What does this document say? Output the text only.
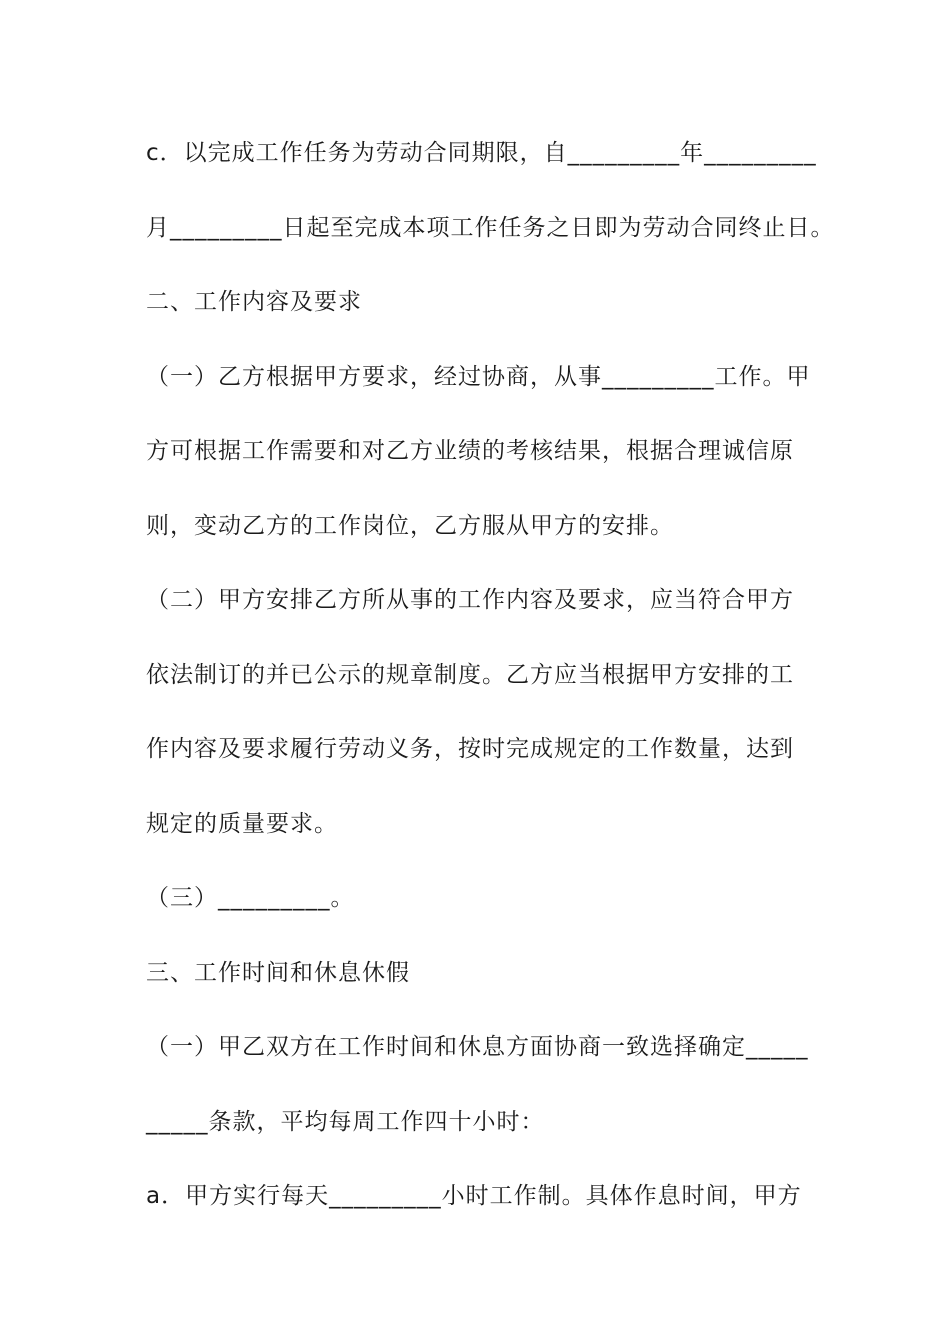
c．以完成工作任务为劳动合同期限，自_________年_________

月_________日起至完成本项工作任务之日即为劳动合同终止日。

二、工作内容及要求

（一）乙方根据甲方要求，经过协商，从事_________工作。甲

方可根据工作需要和对乙方业绩的考核结果，根据合理诚信原

则，变动乙方的工作岗位，乙方服从甲方的安排。

（二）甲方安排乙方所从事的工作内容及要求，应当符合甲方

依法制订的并已公示的规章制度。乙方应当根据甲方安排的工

作内容及要求履行劳动义务，按时完成规定的工作数量，达到

规定的质量要求。

（三）_________。

三、工作时间和休息休假

（一）甲乙双方在工作时间和休息方面协商一致选择确定_____

_____条款，平均每周工作四十小时：

a．甲方实行每天_________小时工作制。具体作息时间，甲方
